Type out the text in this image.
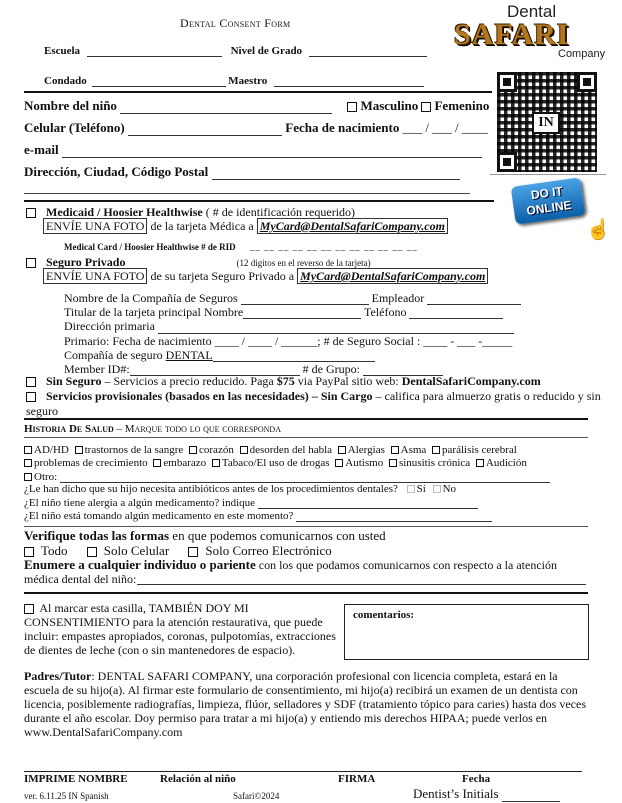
Dental Consent Form
Dental
SAFARI
Company
Escuela	Nivel de Grado
Condado	Maestro
IN
DO IT ONLINE
☝
Nombre del niño	Masculino Femenino
Celular (Teléfono)	Fecha de nacimiento ___ / ___ / ____
e-mail
Dirección, Ciudad, Código Postal
Medicaid / Hoosier Healthwise ( # de identificación requerido)
ENVÍE UNA FOTO de la tarjeta Médica a MyCard@DentalSafariCompany.com
Medical Card / Hoosier Healthwise # de RID __ __ __ __ __ __ __ __ __ __ __ __
Seguro Privado	(12 digitos en el reverso de la tarjeta)
ENVÍE UNA FOTO de su tarjeta Seguro Privado a MyCard@DentalSafariCompany.com
Nombre de la Compañía de Seguros	Empleador
Titular de la tarjeta principal Nombre	Teléfono
Dirección primaria
Primario: Fecha de nacimiento ____ / ____ / ______; # de Seguro Social : ____ - ___ -_____
Compañía de seguro DENTAL
Member ID#:	# de Grupo:
Sin Seguro – Servicios a precio reducido. Paga $75 via PayPal sitio web: DentalSafariCompany.com
Servicios provisionales (basados en las necesidades) – Sin Cargo – califica para almuerzo gratis o reducido y sin seguro
Historia De Salud – Marque todo lo que corresponda
AD/HD trastornos de la sangre corazón desorden del habla Alergias Asma parálisis cerebral
problemas de crecimiento embarazo Tabaco/El uso de drogas Autismo sinusitis crónica Audición
Otro:
¿Le han dicho que su hijo necesita antibióticos antes de los procedimientos dentales? Sí No
¿El niño tiene alergia a algún medicamento? indique
¿El niño está tomando algún medicamento en este momento?
Verifique todas las formas en que podemos comunicarnos con usted
Todo	Solo Celular	Solo Correo Electrónico
Enumere a cualquier individuo o pariente con los que podamos comunicarnos con respecto a la atención médica dental del niño:
Al marcar esta casilla, TAMBIÉN DOY MI CONSENTIMIENTO para la atención restaurativa, que puede incluir: empastes apropiados, coronas, pulpotomías, extracciones de dientes de leche (con o sin mantenedores de espacio).
comentarios:
Padres/Tutor: DENTAL SAFARI COMPANY, una corporación profesional con licencia completa, estará en la escuela de su hijo(a). Al firmar este formulario de consentimiento, mi hijo(a) recibirá un examen de un dentista con licencia, posiblemente radiografías, limpieza, flúor, selladores y SDF (tratamiento tópico para caries) hasta dos veces durante el año escolar. Doy permiso para tratar a mi hijo(a) y entiendo mis derechos HIPAA; puede verlos en www.DentalSafariCompany.com
IMPRIME NOMBRE	Relación al niño	FIRMA	Fecha
ver. 6.11.25 IN Spanish	Safari©2024	Dentist’s Initials
